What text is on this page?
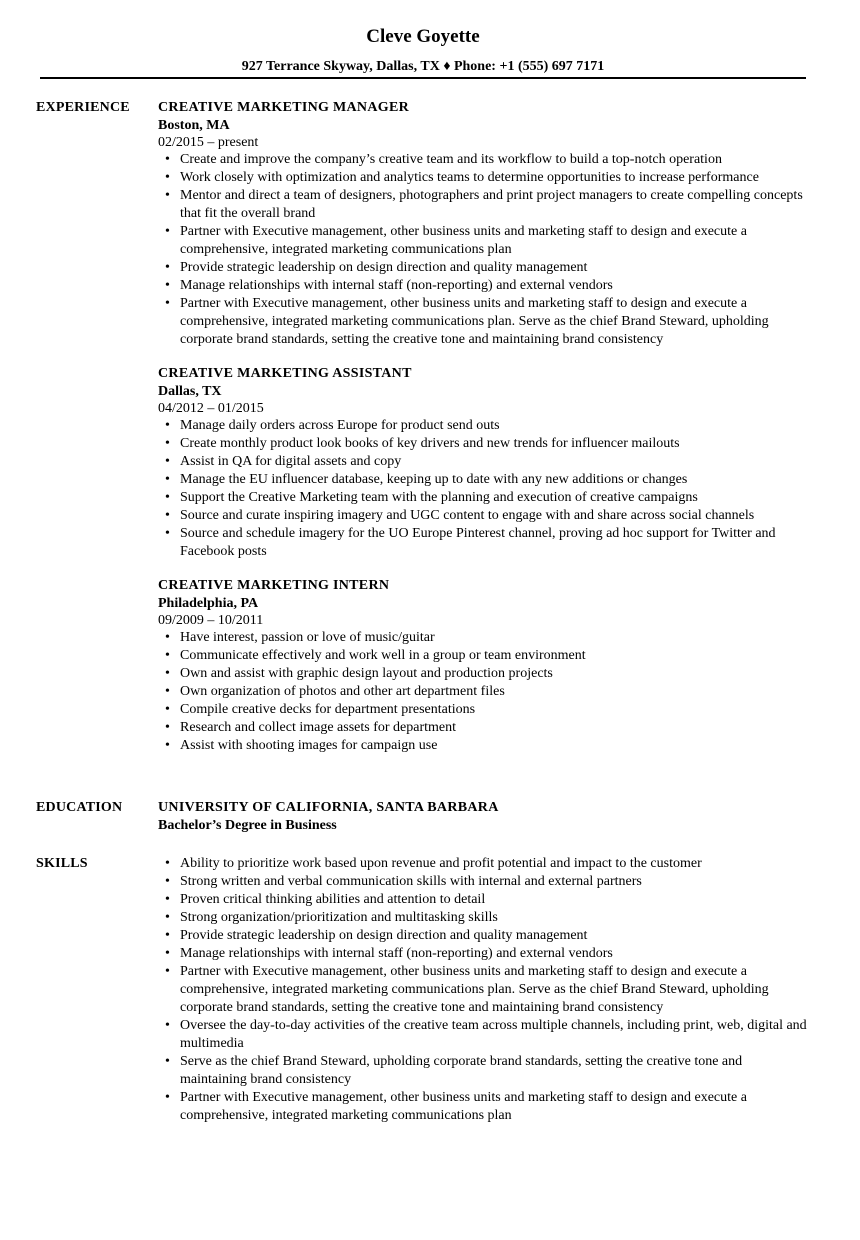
Cleve Goyette
927 Terrance Skyway, Dallas, TX ♦ Phone: +1 (555) 697 7171
EXPERIENCE CREATIVE MARKETING MANAGER
Boston, MA
02/2015 – present
• Create and improve the company’s creative team and its workflow to build a top-notch operation
• Work closely with optimization and analytics teams to determine opportunities to increase performance
• Mentor and direct a team of designers, photographers and print project managers to create compelling concepts that fit the overall brand
• Partner with Executive management, other business units and marketing staff to design and execute a comprehensive, integrated marketing communications plan
• Provide strategic leadership on design direction and quality management
• Manage relationships with internal staff (non-reporting) and external vendors
• Partner with Executive management, other business units and marketing staff to design and execute a comprehensive, integrated marketing communications plan. Serve as the chief Brand Steward, upholding corporate brand standards, setting the creative tone and maintaining brand consistency
CREATIVE MARKETING ASSISTANT
Dallas, TX
04/2012 – 01/2015
• Manage daily orders across Europe for product send outs
• Create monthly product look books of key drivers and new trends for influencer mailouts
• Assist in QA for digital assets and copy
• Manage the EU influencer database, keeping up to date with any new additions or changes
• Support the Creative Marketing team with the planning and execution of creative campaigns
• Source and curate inspiring imagery and UGC content to engage with and share across social channels
• Source and schedule imagery for the UO Europe Pinterest channel, proving ad hoc support for Twitter and Facebook posts
CREATIVE MARKETING INTERN
Philadelphia, PA
09/2009 – 10/2011
• Have interest, passion or love of music/guitar
• Communicate effectively and work well in a group or team environment
• Own and assist with graphic design layout and production projects
• Own organization of photos and other art department files
• Compile creative decks for department presentations
• Research and collect image assets for department
• Assist with shooting images for campaign use
EDUCATION	UNIVERSITY OF CALIFORNIA, SANTA BARBARA
Bachelor’s Degree in Business
SKILLS
•	Ability to prioritize work based upon revenue and profit potential and impact to the customer
• Strong written and verbal communication skills with internal and external partners
• Proven critical thinking abilities and attention to detail
• Strong organization/prioritization and multitasking skills
• Provide strategic leadership on design direction and quality management
• Manage relationships with internal staff (non-reporting) and external vendors
• Partner with Executive management, other business units and marketing staff to design and execute a comprehensive, integrated marketing communications plan. Serve as the chief Brand Steward, upholding corporate brand standards, setting the creative tone and maintaining brand consistency
• Oversee the day-to-day activities of the creative team across multiple channels, including print, web, digital and multimedia
• Serve as the chief Brand Steward, upholding corporate brand standards, setting the creative tone and maintaining brand consistency
• Partner with Executive management, other business units and marketing staff to design and execute a comprehensive, integrated marketing communications plan
